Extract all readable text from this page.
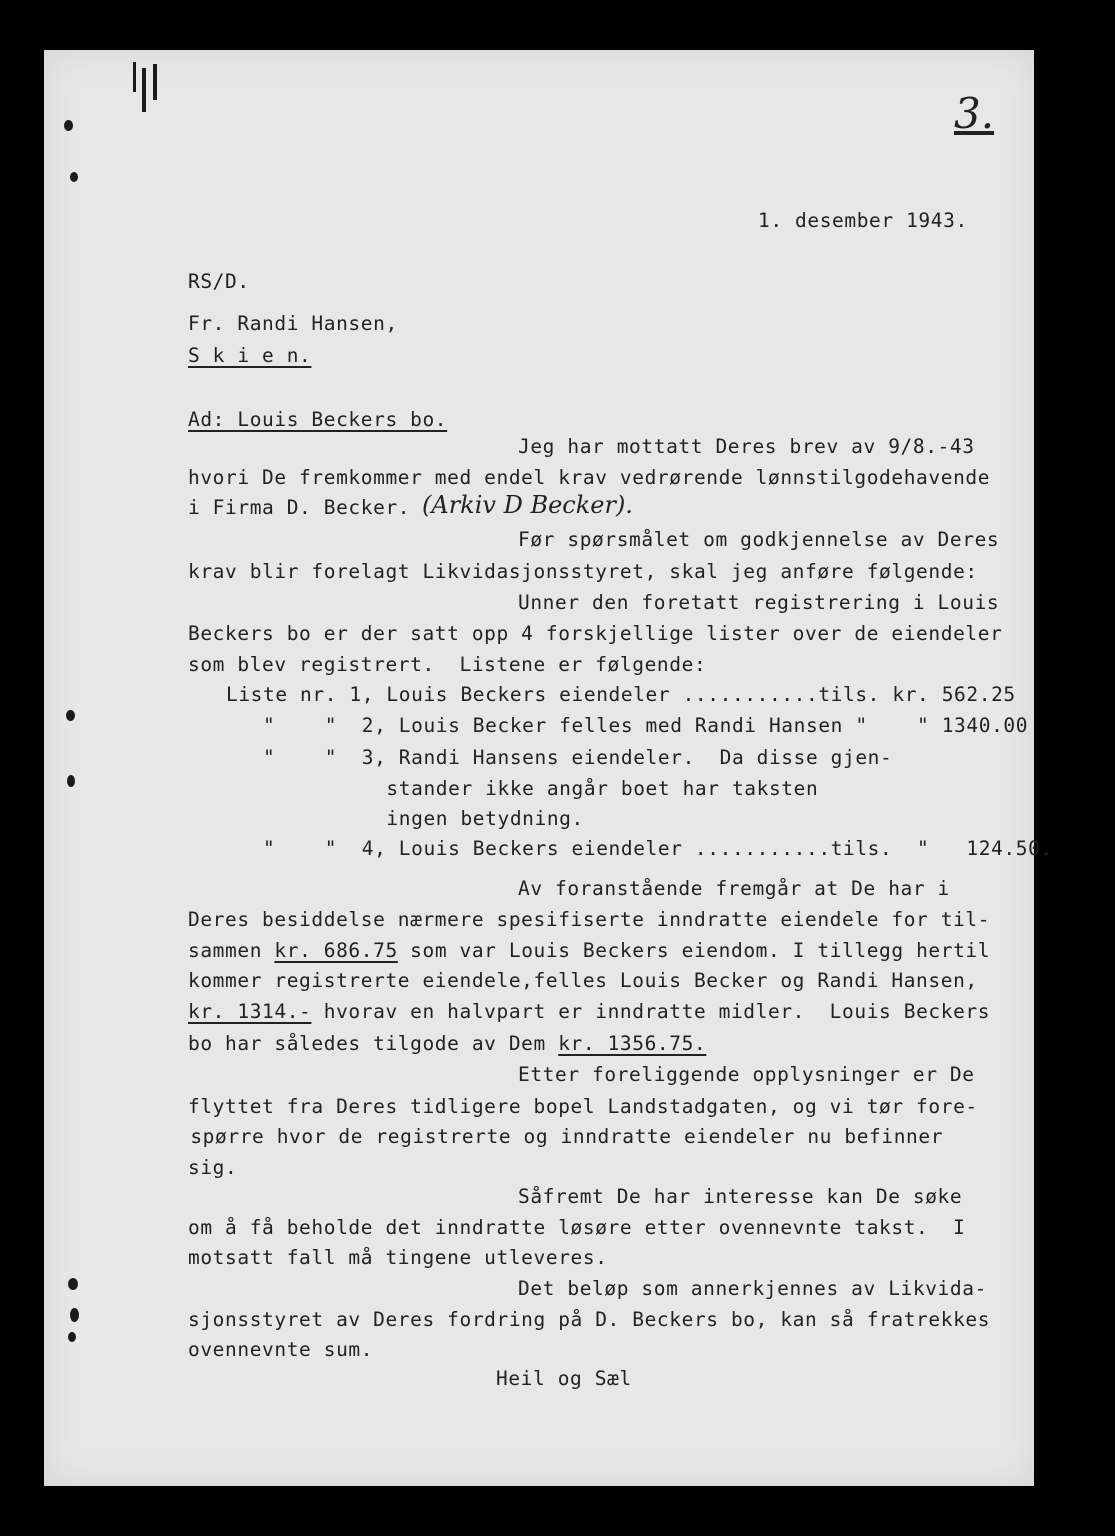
3.
1. desember 1943.
RS/D.
Fr. Randi Hansen,
S k i e n.
Ad: Louis Beckers bo.
Jeg har mottatt Deres brev av 9/8.-43
hvori De fremkommer med endel krav vedrørende lønnstilgodehavende
i Firma D. Becker. (Arkiv D Becker).
Før spørsmålet om godkjennelse av Deres
krav blir forelagt Likvidasjonsstyret, skal jeg anføre følgende:
Unner den foretatt registrering i Louis
Beckers bo er der satt opp 4 forskjellige lister over de eiendeler
som blev registrert.  Listene er følgende:
Liste nr. 1, Louis Beckers eiendeler ...........tils. kr. 562.25
"    "  2, Louis Becker felles med Randi Hansen "    " 1340.00
"    "  3, Randi Hansens eiendeler.  Da disse gjen-
stander ikke angår boet har taksten
ingen betydning.
"    "  4, Louis Beckers eiendeler ...........tils.  "   124.50.
Av foranstående fremgår at De har i
Deres besiddelse nærmere spesifiserte inndratte eiendele for til-
sammen kr. 686.75 som var Louis Beckers eiendom. I tillegg hertil
kommer registrerte eiendele,felles Louis Becker og Randi Hansen,
kr. 1314.- hvorav en halvpart er inndratte midler.  Louis Beckers
bo har således tilgode av Dem kr. 1356.75.
Etter foreliggende opplysninger er De
flyttet fra Deres tidligere bopel Landstadgaten, og vi tør fore-
spørre hvor de registrerte og inndratte eiendeler nu befinner
sig.
Såfremt De har interesse kan De søke
om å få beholde det inndratte løsøre etter ovennevnte takst.  I
motsatt fall må tingene utleveres.
Det beløp som annerkjennes av Likvida-
sjonsstyret av Deres fordring på D. Beckers bo, kan så fratrekkes
ovennevnte sum.
Heil og Sæl
